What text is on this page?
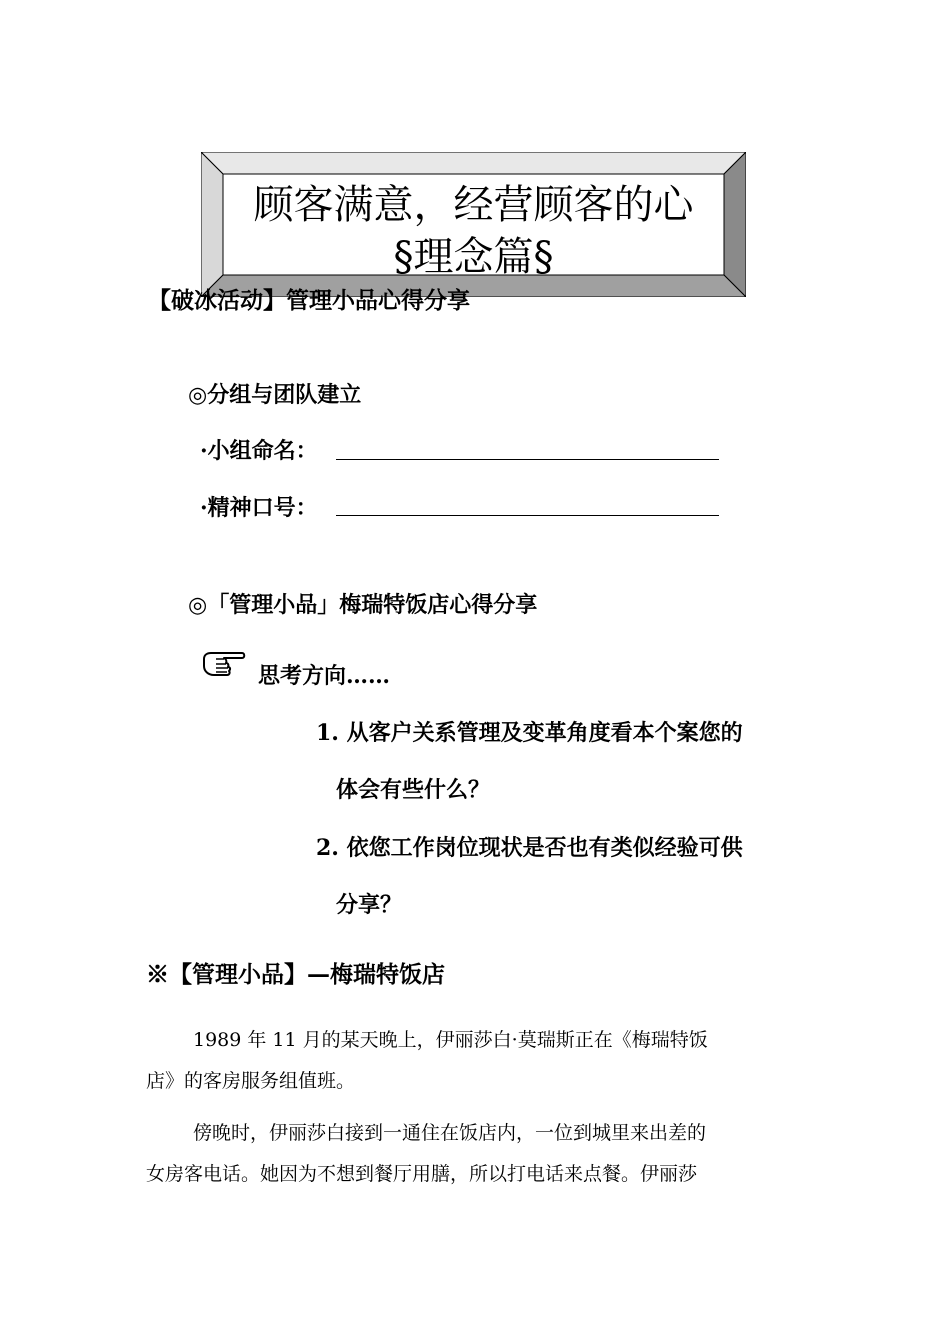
顾客满意，经营顾客的心
§理念篇§
【破冰活动】管理小品心得分享
◎分组与团队建立
·小组命名：
·精神口号：
◎「管理小品」梅瑞特饭店心得分享
思考方向……
1. 从客户关系管理及变革角度看本个案您的
体会有些什么？
2. 依您工作岗位现状是否也有类似经验可供
分享？
※【管理小品】—梅瑞特饭店
1989 年 11 月的某天晚上，伊丽莎白·莫瑞斯正在《梅瑞特饭
店》的客房服务组值班。
傍晚时，伊丽莎白接到一通住在饭店内，一位到城里来出差的
女房客电话。她因为不想到餐厅用膳，所以打电话来点餐。伊丽莎
